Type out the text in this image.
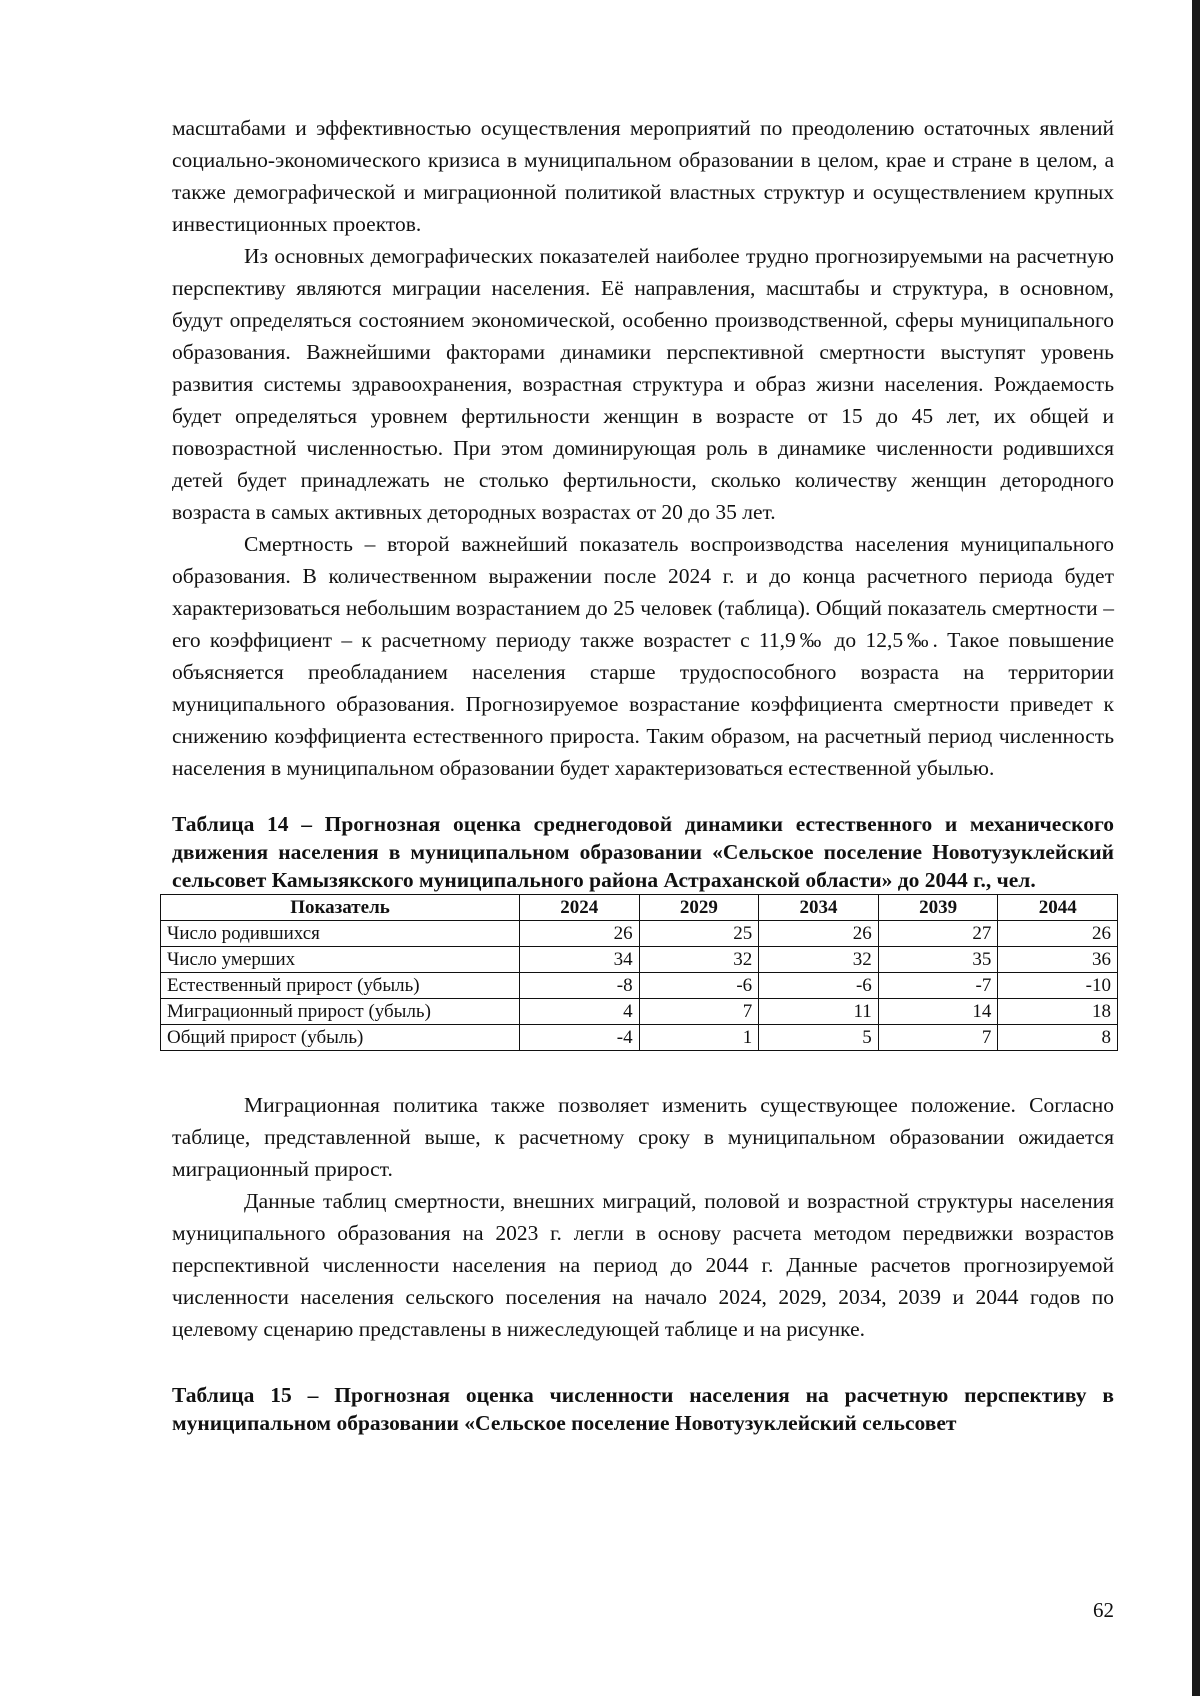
масштабами и эффективностью осуществления мероприятий по преодолению остаточных явлений социально-экономического кризиса в муниципальном образовании в целом, крае и стране в целом, а также демографической и миграционной политикой властных структур и осуществлением крупных инвестиционных проектов.

Из основных демографических показателей наиболее трудно прогнозируемыми на расчетную перспективу являются миграции населения. Её направления, масштабы и структура, в основном, будут определяться состоянием экономической, особенно производственной, сферы муниципального образования. Важнейшими факторами динамики перспективной смертности выступят уровень развития системы здравоохранения, возрастная структура и образ жизни населения. Рождаемость будет определяться уровнем фертильности женщин в возрасте от 15 до 45 лет, их общей и повозрастной численностью. При этом доминирующая роль в динамике численности родившихся детей будет принадлежать не столько фертильности, сколько количеству женщин детородного возраста в самых активных детородных возрастах от 20 до 35 лет.

Смертность – второй важнейший показатель воспроизводства населения муниципального образования. В количественном выражении после 2024 г. и до конца расчетного периода будет характеризоваться небольшим возрастанием до 25 человек (таблица). Общий показатель смертности – его коэффициент – к расчетному периоду также возрастет с 11,9‰ до 12,5‰. Такое повышение объясняется преобладанием населения старше трудоспособного возраста на территории муниципального образования. Прогнозируемое возрастание коэффициента смертности приведет к снижению коэффициента естественного прироста. Таким образом, на расчетный период численность населения в муниципальном образовании будет характеризоваться естественной убылью.

Таблица 14 – Прогнозная оценка среднегодовой динамики естественного и механического движения населения в муниципальном образовании «Сельское поселение Новотузуклейский сельсовет Камызякского муниципального района Астраханской области» до 2044 г., чел.

Показатель	2024	2029	2034	2039	2044
Число родившихся	26	25	26	27	26
Число умерших	34	32	32	35	36
Естественный прирост (убыль)	-8	-6	-6	-7	-10
Миграционный прирост (убыль)	4	7	11	14	18
Общий прирост (убыль)	-4	1	5	7	8

Миграционная политика также позволяет изменить существующее положение. Согласно таблице, представленной выше, к расчетному сроку в муниципальном образовании ожидается миграционный прирост.

Данные таблиц смертности, внешних миграций, половой и возрастной структуры населения муниципального образования на 2023 г. легли в основу расчета методом передвижки возрастов перспективной численности населения на период до 2044 г. Данные расчетов прогнозируемой численности населения сельского поселения на начало 2024, 2029, 2034, 2039 и 2044 годов по целевому сценарию представлены в нижеследующей таблице и на рисунке.

Таблица 15 – Прогнозная оценка численности населения на расчетную перспективу в муниципальном образовании «Сельское поселение Новотузуклейский сельсовет

62
